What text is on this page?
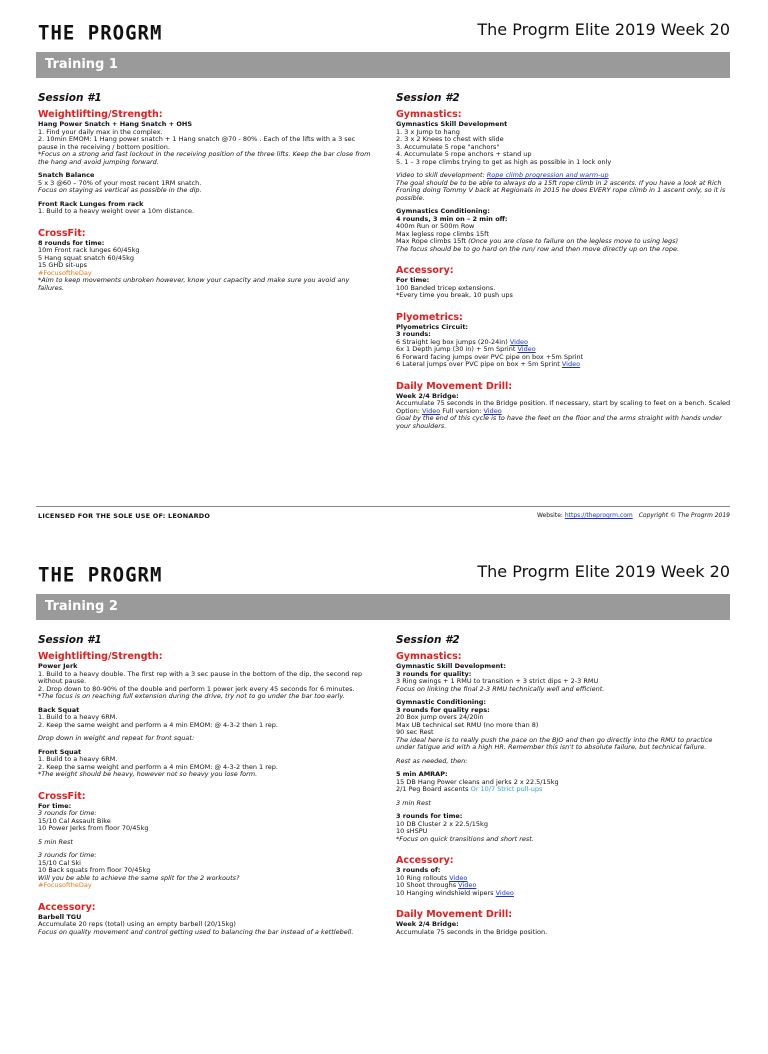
THE PROGRM	The Progrm Elite 2019 Week 20
Training 1
Session #1
Weightlifting/Strength:
Hang Power Snatch + Hang Snatch + OHS
1. Find your daily max in the complex.
2. 10min EMOM: 1 Hang power snatch + 1 Hang snatch @70 - 80% . Each of the lifts with a 3 sec pause in the receiving / bottom position.
*Focus on a strong and fast lockout in the receiving position of the three lifts. Keep the bar close from the hang and avoid jumping forward.
Snatch Balance
5 x 3 @60 – 70% of your most recent 1RM snatch.
Focus on staying as vertical as possible in the dip.
Front Rack Lunges from rack
1. Build to a heavy weight over a 10m distance.
CrossFit:
8 rounds for time:
10m Front rack lunges 60/45kg
5 Hang squat snatch 60/45kg
15 GHD sit-ups
#FocusoftheDay
*Aim to keep movements unbroken however, know your capacity and make sure you avoid any failures.
Session #2
Gymnastics:
Gymnastics Skill Development
1. 3 x Jump to hang
2. 3 x 2 Knees to chest with slide
3. Accumulate 5 rope "anchors"
4. Accumulate 5 rope anchors + stand up
5. 1 – 3 rope climbs trying to get as high as possible in 1 lock only
Video to skill development: Rope climb progression and warm-up
The goal should be to be able to always do a 15ft rope climb in 2 ascents. If you have a look at Rich Froning doing Tommy V back at Regionals in 2015 he does EVERY rope climb in 1 ascent only, so it is possible.
Gymnastics Conditioning:
4 rounds, 3 min on – 2 min off:
400m Run or 500m Row
Max legless rope climbs 15ft
Max Rope climbs 15ft (Once you are close to failure on the legless move to using legs)
The focus should be to go hard on the run/ row and then move directly up on the rope.
Accessory:
For time:
100 Banded tricep extensions.
*Every time you break, 10 push ups
Plyometrics:
Plyometrics Circuit:
3 rounds:
6 Straight leg box jumps (20-24in) Video
6x 1 Depth jump (30 in) + 5m Sprint Video
6 Forward facing jumps over PVC pipe on box +5m Sprint
6 Lateral jumps over PVC pipe on box + 5m Sprint Video
Daily Movement Drill:
Week 2/4 Bridge:
Accumulate 75 seconds in the Bridge position. If necessary, start by scaling to feet on a bench. Scaled
Option: Video Full version: Video
Goal by the end of this cycle is to have the feet on the floor and the arms straight with hands under your shoulders.
LICENSED FOR THE SOLE USE OF: LEONARDO	Website: https://theprogrm.com Copyright © The Progrm 2019
THE PROGRM	The Progrm Elite 2019 Week 20
Training 2
Session #1
Weightlifting/Strength:
Power Jerk
1. Build to a heavy double. The first rep with a 3 sec pause in the bottom of the dip, the second rep without pause.
2. Drop down to 80-90% of the double and perform 1 power jerk every 45 seconds for 6 minutes.
*The focus is on reaching full extension during the drive, try not to go under the bar too early.
Back Squat
1. Build to a heavy 6RM.
2. Keep the same weight and perform a 4 min EMOM: @ 4-3-2 then 1 rep.
Drop down in weight and repeat for front squat:
Front Squat
1. Build to a heavy 6RM.
2. Keep the same weight and perform a 4 min EMOM: @ 4-3-2 then 1 rep.
*The weight should be heavy, however not so heavy you lose form.
CrossFit:
For time:
3 rounds for time:
15/10 Cal Assault Bike
10 Power Jerks from floor 70/45kg
5 min Rest
3 rounds for time:
15/10 Cal Ski
10 Back squats from floor 70/45kg
Will you be able to achieve the same split for the 2 workouts?
#FocusoftheDay
Accessory:
Barbell TGU
Accumulate 20 reps (total) using an empty barbell (20/15kg)
Focus on quality movement and control getting used to balancing the bar instead of a kettlebell.
Session #2
Gymnastics:
Gymnastic Skill Development:
3 rounds for quality:
3 Ring swings + 1 RMU to transition + 3 strict dips + 2-3 RMU
Focus on linking the final 2-3 RMU technically well and efficient.
Gymnastic Conditioning:
3 rounds for quality reps:
20 Box jump overs 24/20in
Max UB technical set RMU (no more than 8)
90 sec Rest
The ideal here is to really push the pace on the BJO and then go directly into the RMU to practice under fatigue and with a high HR. Remember this isn't to absolute failure, but technical failure.
Rest as needed, then:
5 min AMRAP:
15 DB Hang Power cleans and jerks 2 x 22.5/15kg
2/1 Peg Board ascents Or 10/7 Strict pull-ups
3 min Rest
3 rounds for time:
10 DB Cluster 2 x 22.5/15kg
10 sHSPU
*Focus on quick transitions and short rest.
Accessory:
3 rounds of:
10 Ring rollouts Video
10 Shoot throughs Video
10 Hanging windshield wipers Video
Daily Movement Drill:
Week 2/4 Bridge:
Accumulate 75 seconds in the Bridge position.
